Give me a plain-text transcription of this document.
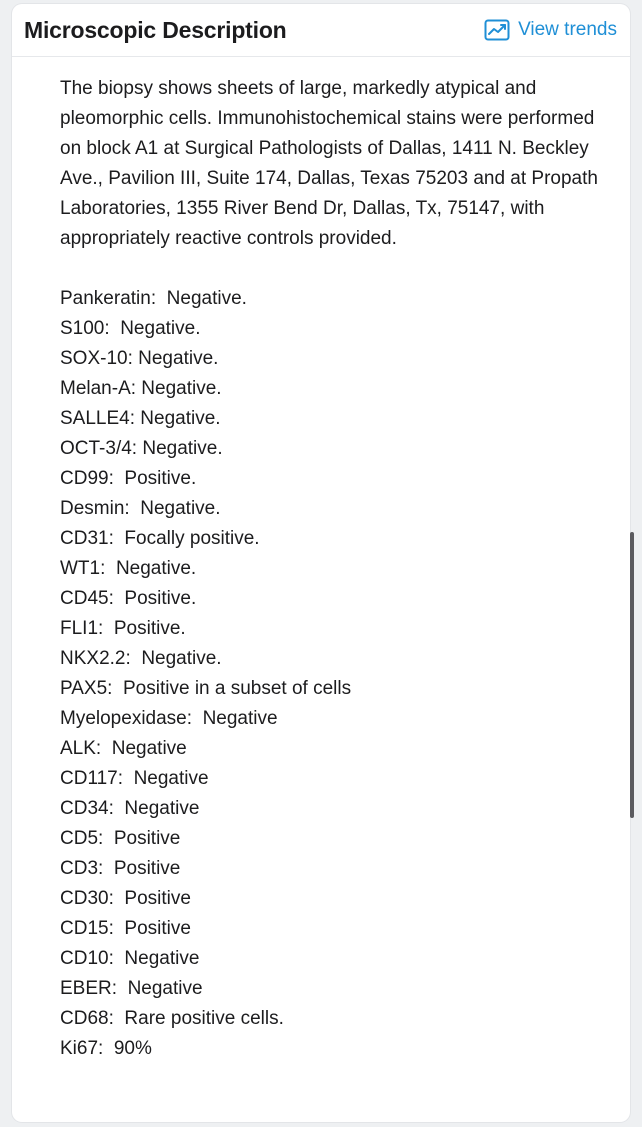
Microscopic Description	View trends

The biopsy shows sheets of large, markedly atypical and pleomorphic cells. Immunohistochemical stains were performed on block A1 at Surgical Pathologists of Dallas, 1411 N. Beckley Ave., Pavilion III, Suite 174, Dallas, Texas 75203 and at Propath Laboratories, 1355 River Bend Dr, Dallas, Tx, 75147, with appropriately reactive controls provided.

Pankeratin:  Negative.
S100:  Negative.
SOX-10: Negative.
Melan-A: Negative.
SALLE4: Negative.
OCT-3/4: Negative.
CD99:  Positive.
Desmin:  Negative.
CD31:  Focally positive.
WT1:  Negative.
CD45:  Positive.
FLI1:  Positive.
NKX2.2:  Negative.
PAX5:  Positive in a subset of cells
Myelopexidase:  Negative
ALK:  Negative
CD117:  Negative
CD34:  Negative
CD5:  Positive
CD3:  Positive
CD30:  Positive
CD15:  Positive
CD10:  Negative
EBER:  Negative
CD68:  Rare positive cells.
Ki67:  90%
